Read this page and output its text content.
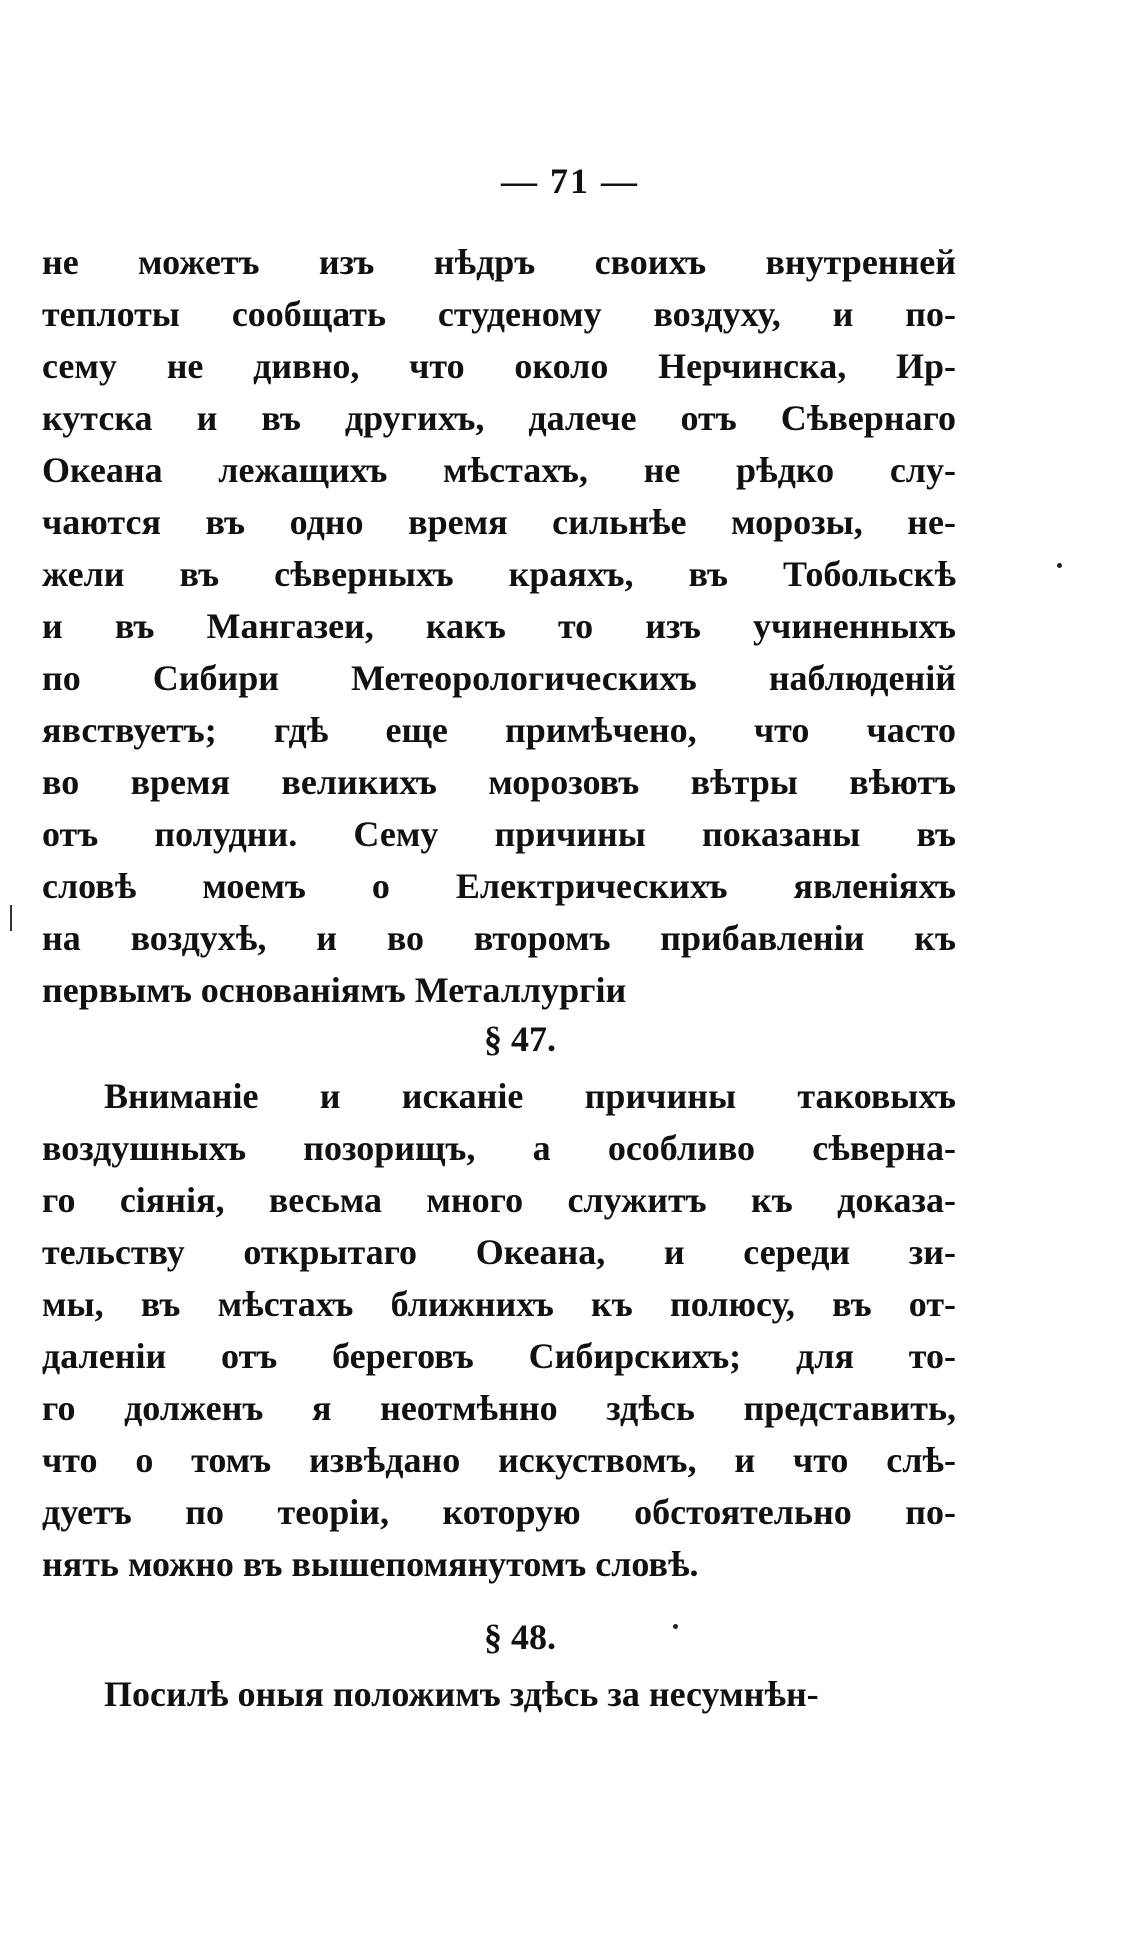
— 71 —
не можетъ изъ нѣдръ своихъ внутренней
теплоты сообщать студеному воздуху, и по-
сему не дивно, что около Нерчинска, Ир-
кутска и въ другихъ, далече отъ Сѣвернаго
Океана лежащихъ мѣстахъ, не рѣдко слу-
чаются въ одно время сильнѣе морозы, не-
жели въ сѣверныхъ краяхъ, въ Тобольскѣ
и въ Мангазеи, какъ то изъ учиненныхъ
по Сибири Метеорологическихъ наблюденій
явствуетъ; гдѣ еще примѣчено, что часто
во время великихъ морозовъ вѣтры вѣютъ
отъ полудни. Сему причины показаны въ
словѣ моемъ о Електрическихъ явленіяхъ
на воздухѣ, и во второмъ прибавленіи къ
первымъ основаніямъ Металлургіи
§ 47.
Вниманіе и исканіе причины таковыхъ
воздушныхъ позорищъ, а особливо сѣверна-
го сіянія, весьма много служитъ къ доказа-
тельству открытаго Океана, и середи зи-
мы, въ мѣстахъ ближнихъ къ полюсу, въ от-
даленіи отъ береговъ Сибирскихъ; для то-
го долженъ я неотмѣнно здѣсь представить,
что о томъ извѣдано искуствомъ, и что слѣ-
дуетъ по теоріи, которую обстоятельно по-
нять можно въ вышепомянутомъ словѣ.
§ 48.
Посилѣ оныя положимъ здѣсь за несумнѣн-
